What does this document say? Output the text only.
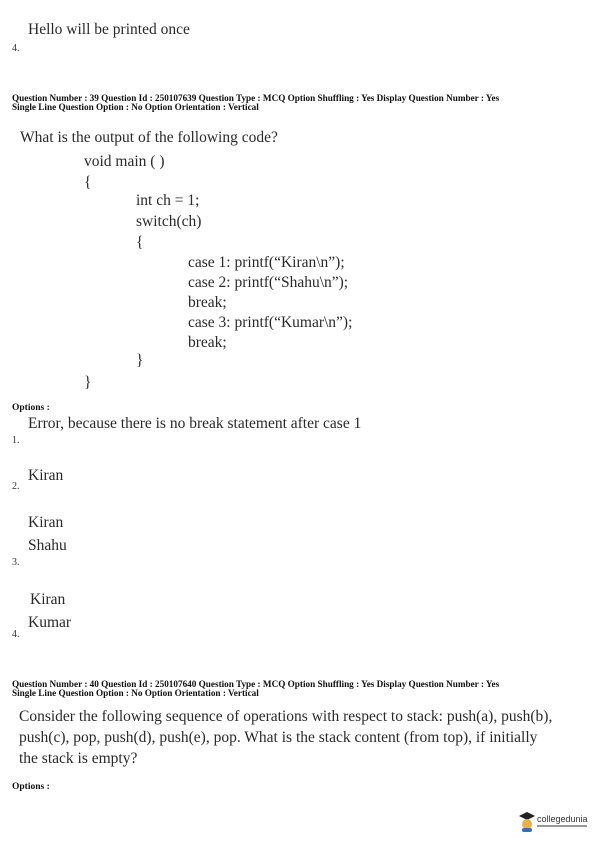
Hello will be printed once
4.
Question Number : 39 Question Id : 250107639 Question Type : MCQ Option Shuffling : Yes Display Question Number : Yes
Single Line Question Option : No Option Orientation : Vertical
What is the output of the following code?
void main ( )
{
int ch = 1;
switch(ch)
{
case 1: printf(“Kiran\n”);
case 2: printf(“Shahu\n”);
break;
case 3: printf(“Kumar\n”);
break;
}
}
Options :
Error, because there is no break statement after case 1
1.
Kiran
2.
Kiran
Shahu
3.
Kiran
Kumar
4.
Question Number : 40 Question Id : 250107640 Question Type : MCQ Option Shuffling : Yes Display Question Number : Yes
Single Line Question Option : No Option Orientation : Vertical
Consider the following sequence of operations with respect to stack: push(a), push(b),
push(c), pop, push(d), push(e), pop. What is the stack content (from top), if initially
the stack is empty?
Options :
collegedunia
